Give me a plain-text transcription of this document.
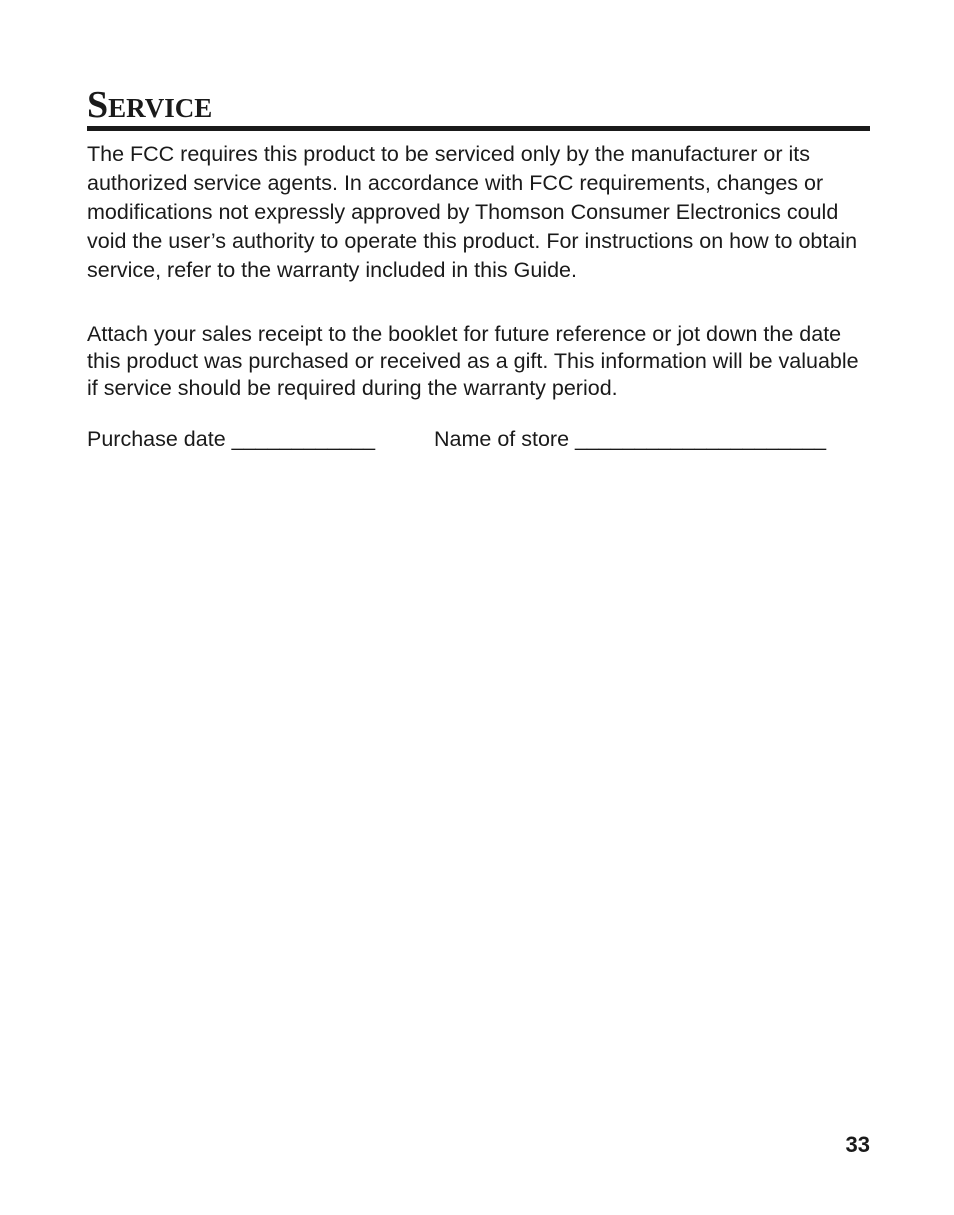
Service

The FCC requires this product to be serviced only by the manufacturer or its authorized service agents. In accordance with FCC requirements, changes or modifications not expressly approved by Thomson Consumer Electronics could void the user’s authority to operate this product. For instructions on how to obtain service, refer to the warranty included in this Guide.

Attach your sales receipt to the booklet for future reference or jot down the date this product was purchased or received as a gift. This information will be valuable if service should be required during the warranty period.

Purchase date ____________	Name of store _____________________
33
